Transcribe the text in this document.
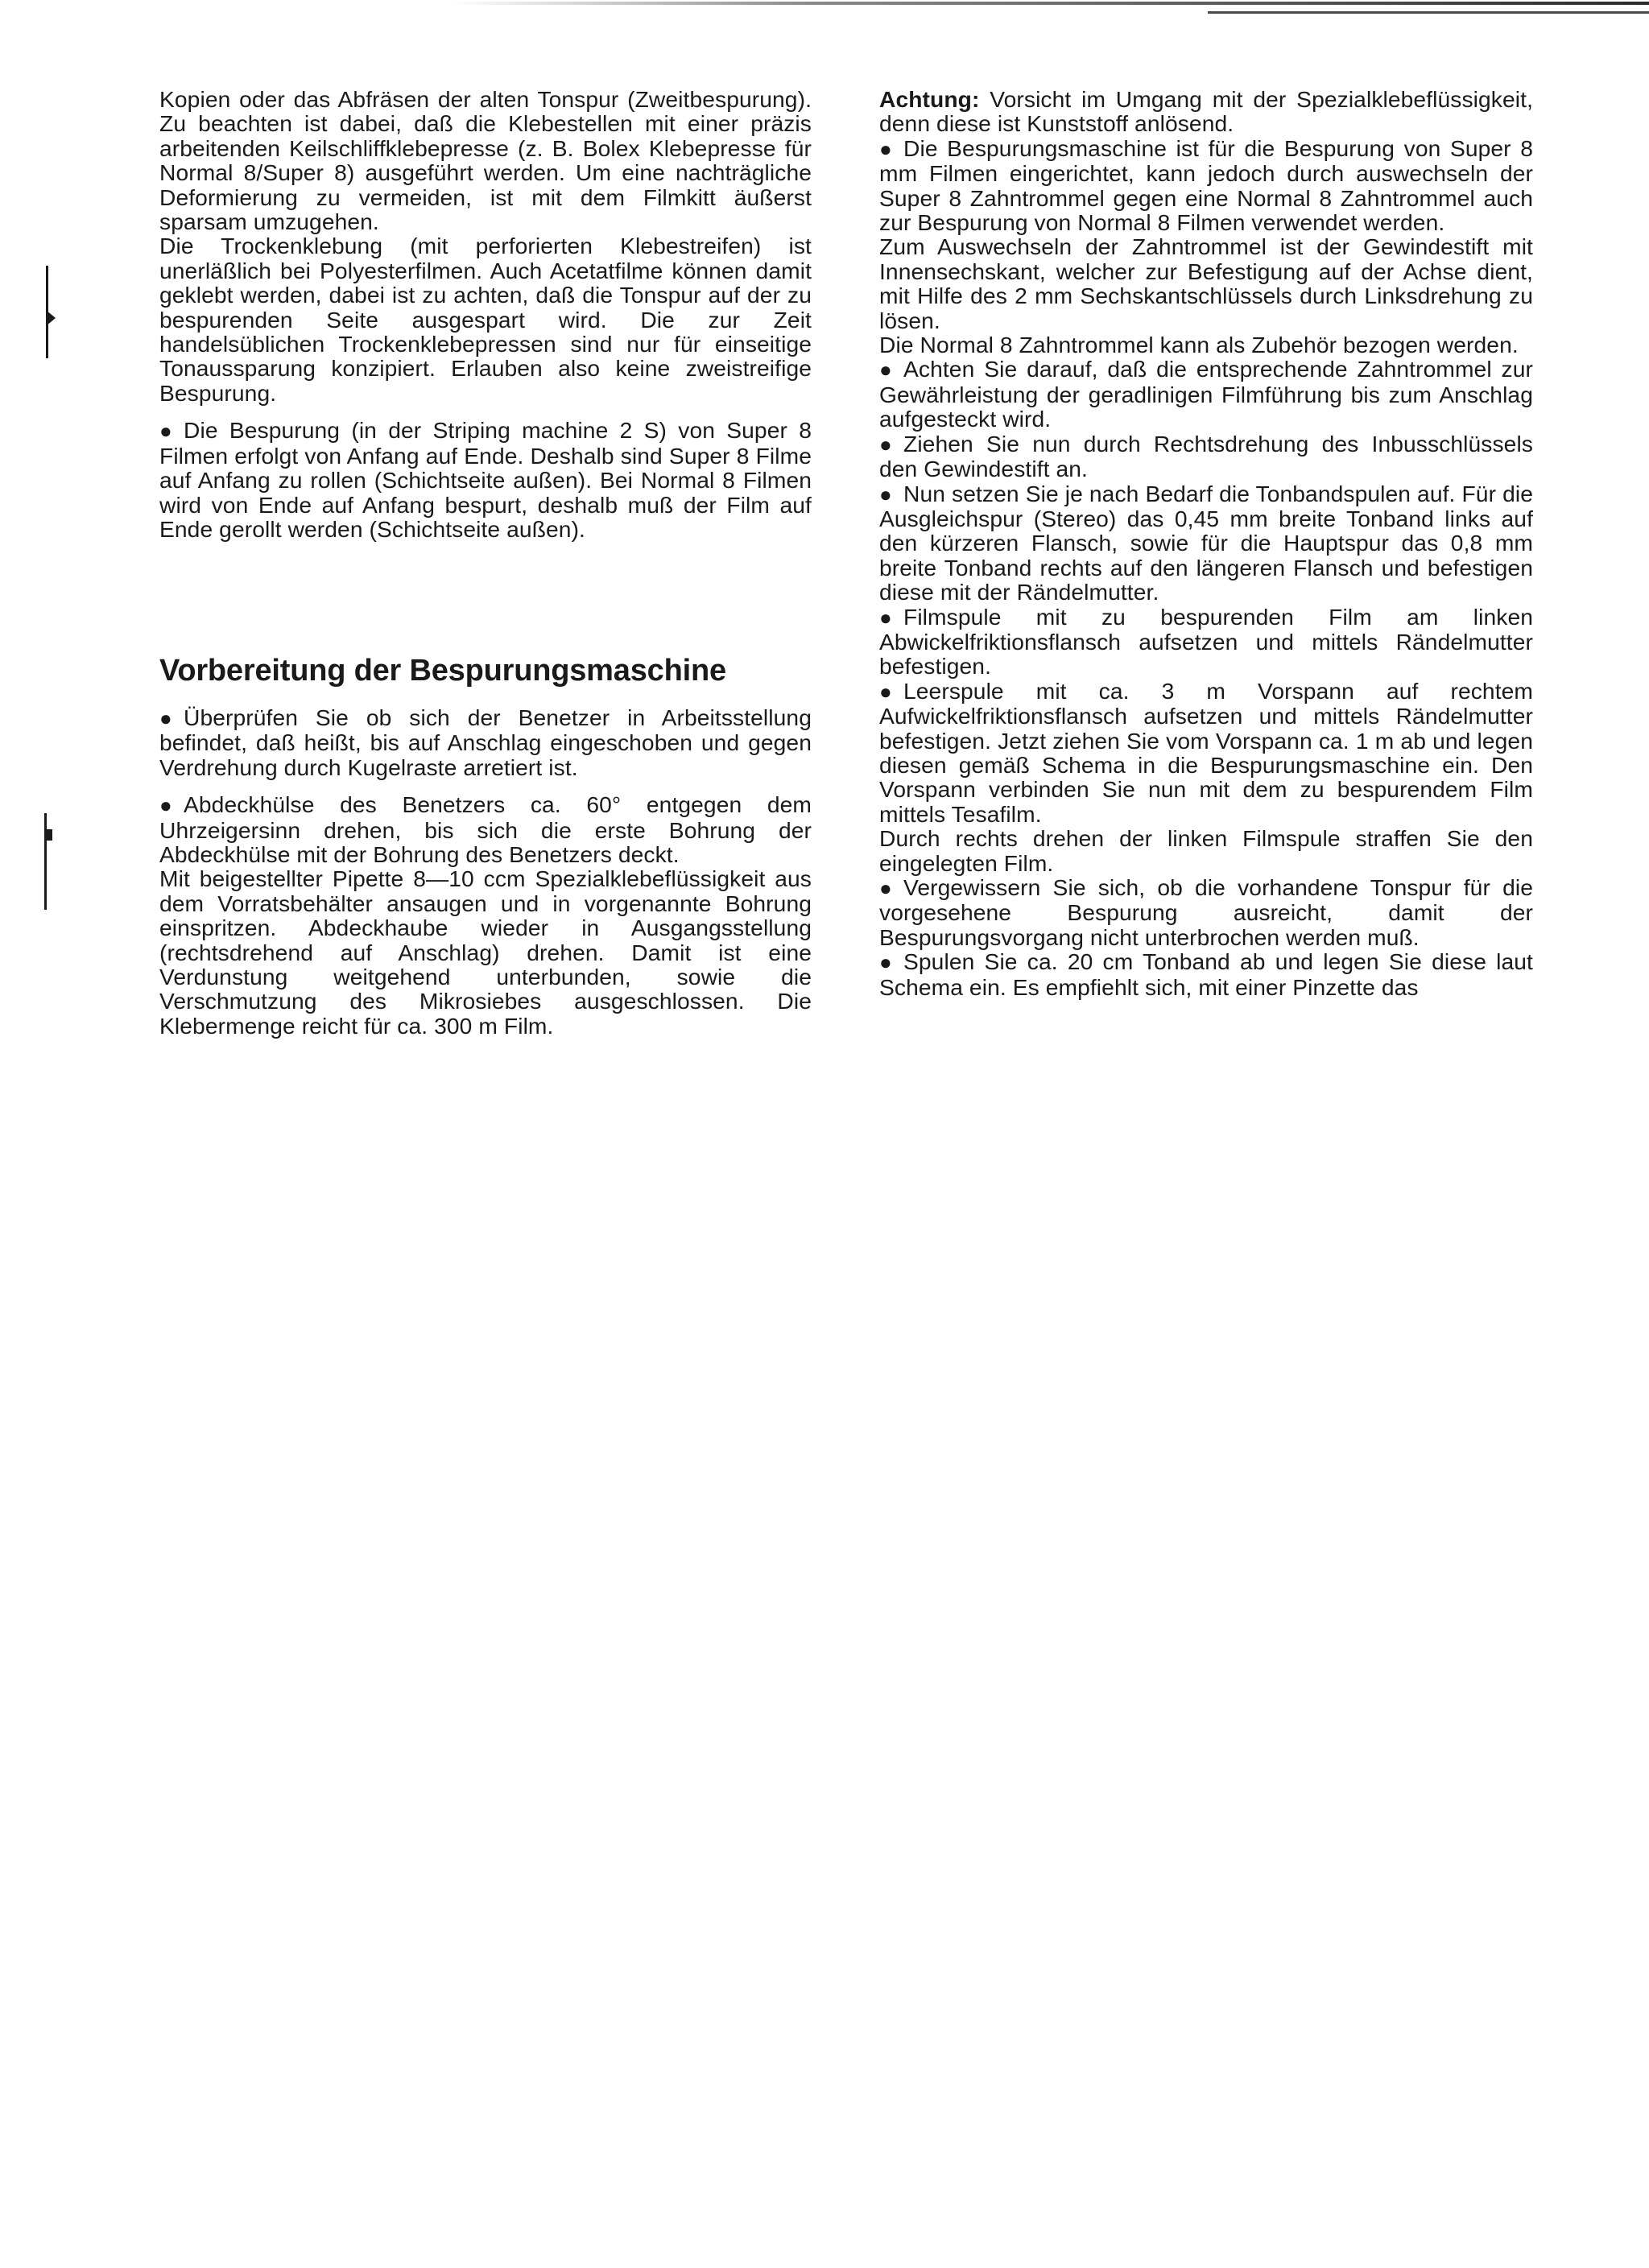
Kopien oder das Abfräsen der alten Tonspur (Zweitbespurung). Zu beachten ist dabei, daß die Klebestellen mit einer präzis arbeitenden Keilschliffklebepresse (z. B. Bolex Klebepresse für Normal 8/Super 8) ausgeführt werden. Um eine nachträgliche Deformierung zu vermeiden, ist mit dem Filmkitt äußerst sparsam umzugehen.

Die Trockenklebung (mit perforierten Klebestreifen) ist unerläßlich bei Polyesterfilmen. Auch Acetatfilme können damit geklebt werden, dabei ist zu achten, daß die Tonspur auf der zu bespurenden Seite ausgespart wird. Die zur Zeit handelsüblichen Trockenklebepressen sind nur für einseitige Tonaussparung konzipiert. Erlauben also keine zweistreifige Bespurung.

● Die Bespurung (in der Striping machine 2 S) von Super 8 Filmen erfolgt von Anfang auf Ende. Deshalb sind Super 8 Filme auf Anfang zu rollen (Schichtseite außen). Bei Normal 8 Filmen wird von Ende auf Anfang bespurt, deshalb muß der Film auf Ende gerollt werden (Schichtseite außen).

Vorbereitung der Bespurungsmaschine

● Überprüfen Sie ob sich der Benetzer in Arbeitsstellung befindet, daß heißt, bis auf Anschlag eingeschoben und gegen Verdrehung durch Kugelraste arretiert ist.

● Abdeckhülse des Benetzers ca. 60° entgegen dem Uhrzeigersinn drehen, bis sich die erste Bohrung der Abdeckhülse mit der Bohrung des Benetzers deckt.

Mit beigestellter Pipette 8—10 ccm Spezialklebeflüssigkeit aus dem Vorratsbehälter ansaugen und in vorgenannte Bohrung einspritzen. Abdeckhaube wieder in Ausgangsstellung (rechtsdrehend auf Anschlag) drehen. Damit ist eine Verdunstung weitgehend unterbunden, sowie die Verschmutzung des Mikrosiebes ausgeschlossen. Die Klebermenge reicht für ca. 300 m Film.

Achtung: Vorsicht im Umgang mit der Spezialklebeflüssigkeit, denn diese ist Kunststoff anlösend.

● Die Bespurungsmaschine ist für die Bespurung von Super 8 mm Filmen eingerichtet, kann jedoch durch auswechseln der Super 8 Zahntrommel gegen eine Normal 8 Zahntrommel auch zur Bespurung von Normal 8 Filmen verwendet werden.

Zum Auswechseln der Zahntrommel ist der Gewindestift mit Innensechskant, welcher zur Befestigung auf der Achse dient, mit Hilfe des 2 mm Sechskantschlüssels durch Linksdrehung zu lösen.

Die Normal 8 Zahntrommel kann als Zubehör bezogen werden.

● Achten Sie darauf, daß die entsprechende Zahntrommel zur Gewährleistung der geradlinigen Filmführung bis zum Anschlag aufgesteckt wird.

● Ziehen Sie nun durch Rechtsdrehung des Inbusschlüssels den Gewindestift an.

● Nun setzen Sie je nach Bedarf die Tonbandspulen auf. Für die Ausgleichspur (Stereo) das 0,45 mm breite Tonband links auf den kürzeren Flansch, sowie für die Hauptspur das 0,8 mm breite Tonband rechts auf den längeren Flansch und befestigen diese mit der Rändelmutter.

● Filmspule mit zu bespurenden Film am linken Abwickelfriktionsflansch aufsetzen und mittels Rändelmutter befestigen.

● Leerspule mit ca. 3 m Vorspann auf rechtem Aufwickelfriktionsflansch aufsetzen und mittels Rändelmutter befestigen. Jetzt ziehen Sie vom Vorspann ca. 1 m ab und legen diesen gemäß Schema in die Bespurungsmaschine ein. Den Vorspann verbinden Sie nun mit dem zu bespurendem Film mittels Tesafilm.

Durch rechts drehen der linken Filmspule straffen Sie den eingelegten Film.

● Vergewissern Sie sich, ob die vorhandene Tonspur für die vorgesehene Bespurung ausreicht, damit der Bespurungsvorgang nicht unterbrochen werden muß.

● Spulen Sie ca. 20 cm Tonband ab und legen Sie diese laut Schema ein. Es empfiehlt sich, mit einer Pinzette das
